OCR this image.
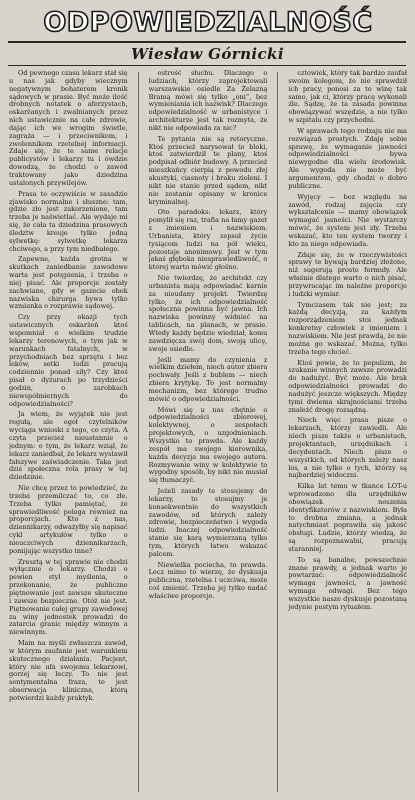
ODPOWIEDZIALNOŚĆ
Wiesław Górnicki

Od pewnego czasu lekarz stał się u nas jak gdyby wiecznym negatywnym bohaterem kronik sądowych w prasie. Być może ilość drobnych notatek o aferzystach, oskarżanych i zwalnianych przez nich ustawicznie na całe zdrowie, dając ich we wrogim świetle, zagraża — i przeciwnikom, i zwolennikom rzetelnej informacji. Zdaje się, że te same relacje publicystów i lekarzy tu i ówdzie dowodzą, że chodzi o zawód traktowany jako dziedzina ustalonych przywilejów.

Prasa to oczywiście w zasadzie zjawisko normalne i słuszne: tam, gdzie zło jest zakorzenione, tam trzeba je naświetlać. Ale wydaje mi się, że cała ta dziedzina prasowych śledztw kreuje tylko jedną sylwetkę: sylwetkę lekarza chciwego, a przy tym niedbałego.

Zapewne, każda grotna w skutkach zaniedbanie zawodowe warta jest potępienia, i trzeba o niej pisać. Ale proporcje zostały zachwiane, gdy w gazecie obok nazwiska chirurga bywa tylko wzmianka o rozprawie sądowej.

Czy przy okazji tych ustawicznych oskarżeń ktoś wspomniał o wielkim trudzie lekarzy terenowych, o tym jak w warunkach fatalnych, w przychodniach bez sprzętu i bez leków, setki ludzi pracują codziennie ponad siły? Czy ktoś pisał o dyżurach po trzydzieści godzin, o zarobkach niewspółmiernych do odpowiedzialności?

Ja wiem, że wyjątek nie jest regułą, ale ogół czytelników wyciąga wnioski z tego, co czyta. A czyta przecież nieustannie o jednym: o tym, że lekarz wziął, że lekarz zaniedbał, że lekarz wystawił fałszywe zaświadczenie. Taka jest dziś społeczna rola prasy w tej dziedzinie.

Nie chcę przez to powiedzieć, że trzeba przemilczać to, co złe. Trzeba tylko pamiętać, że sprawiedliwość polega również na proporcjach. Kto z nas, dziennikarzy, odważyłby się napisać cykl artykułów tylko o nieuczciwych dziennikarzach, pomijając wszystko inne?

Zresztą w tej sprawie nie chodzi wyłącznie o lekarzy. Chodzi o pewien styl myślenia, o przekonanie, że publiczne piętnowanie jest zawsze skuteczne i zawsze bezpieczne. Otóż nie jest. Piętnowanie całej grupy zawodowej za winy jednostek prowadzi do zatarcia granic między winnym a niewinnym.

Mam na myśli zwłaszcza zawód, w którym zaufanie jest warunkiem skutecznego działania. Pacjent, który nie ufa swojemu lekarzowi, gorzej się leczy. To nie jest sentymentalna fraza, to jest obserwacja kliniczna, którą potwierdzi każdy praktyk.

ostrość słuchu. Dlaczego o ludziach, którzy zaprojektowali warszawskie osiedle Za Żelazną Bramą mówi się tylko „oni”, bez wymieniania ich nazwisk? Dlaczego odpowiedzialność w urbanistyce i architekturze jest tak rozmyta, że nikt nie odpowiada za nic?

Te pytania nie są retoryczne. Ktoś przecież narysował te bloki, ktoś zatwierdził te plany, ktoś podpisał odbiór budowy. A przecież mieszkańcy cierpią z powodu złej akustyki, ciasnoty i braku zieleni. I nikt nie stanie przed sądem, nikt nie zostanie opisany w kronice kryminalnej.

Oto paradoks: lekarz, który pomylił się raz, trafia na łamy gazet z imieniem i nazwiskiem. Urbanista, który zepsuł życie tysiącom ludzi na pół wieku, pozostaje anonimowy. Jest w tym jakaś głęboka niesprawiedliwość, o której warto mówić głośno.

Nie twierdzę, że architekt czy urbanista mają odpowiadać karnie za nieudany projekt. Twierdzę tylko, że ich odpowiedzialność społeczna powinna być jawna. Ich nazwiska powinny widnieć na tablicach, na planach, w prasie. Wtedy każdy będzie wiedział, komu zawdzięcza swój dom, swoją ulicę, swoje osiedle.

Jeśli mamy do czynienia z wielkim dziełem, niech autor zbiera pochwały. Jeśli z bublem — niech zbiera krytykę. To jest normalny mechanizm, bez którego trudno mówić o odpowiedzialności.

Mówi się u nas chętnie o odpowiedzialności zbiorowej, kolektywnej, o zespołach projektowych, o uzgodnieniach. Wszystko to prawda. Ale każdy zespół ma swojego kierownika, każda decyzja ma swojego autora. Rozmywanie winy w kolektywie to wygodny sposób, by nikt nie musiał się tłumaczyć.

Jeżeli zasady te stosujemy do lekarzy, to stosujmy je konsekwentnie do wszystkich zawodów, od których zależy zdrowie, bezpieczeństwo i wygoda ludzi. Inaczej odpowiedzialność stanie się karą wymierzaną tylko tym, których łatwo wskazać palcem.

Niewielka pociecha, to prawda. Lecz mimo to wierzę, że dyskusja publiczna, rzetelna i uczciwa, może coś zmienić. Trzeba jej tylko nadać właściwe proporcje.

cztowiek, który tak bardzo zaufał swoim kolegom, że nie sprawdził ich pracy, ponosi za to winę tak samo, jak ci, którzy pracę wykonali źle. Sądzę, że ta zasada powinna obowiązywać wszędzie, a nie tylko w szpitalu czy przychodni.

W sprawach tego rodzaju nie ma rozwiązań prostych. Zdaję sobie sprawę, że wymaganie jawności odpowiedzialności bywa niewygodne dla wielu środowisk. Ale wygoda nie może być argumentem, gdy chodzi o dobro publiczne.

Wyjęcy — bez względu na zawód, rodzaj zajęcia czy wykształcenie — mamy obowiązek wymagać jasności. Nie wystarczy mówić, że system jest zły. Trzeba wskazać, kto ten system tworzy i kto za niego odpowiada.

Zdaje się, że w rzeczywistości sprawy te bywają bardziej złożone, niż sugerują proste formuły. Ale właśnie dlatego warto o nich pisać, przywracając im należne proporcje i ludzki wymiar.

Tymczasem tak nie jest; za każdą decyzją, za każdym rozporządzeniem stoi jednak konkretny człowiek z imieniem i nazwiskiem. Nie jest prawdą, że nie można go wskazać. Można, tylko trzeba tego chcieć.

Ktoś powie, że to populizm, że szukanie winnych zawsze prowadzi do nadużyć. Być może. Ale brak odpowiedzialności prowadzi do nadużyć jeszcze większych. Między tymi dwiema skrajnościami trzeba znaleźć drogę rozsądną.

Niech więc prasa pisze o lekarzach, którzy zawiedli. Ale niech pisze także o urbanistach, projektantach, urzędnikach i decydentach. Niech pisze o wszystkich, od których zależy nasz los, a nie tylko o tych, którzy są najbardziej widoczni.

Kilka lat temu w tkance LOT-u wprowadzono dla urzędników obowiązek noszenia identyfikatorów z nazwiskiem. Była to drobna zmiana, a jednak natychmiast poprawiła się jakość obsługi. Ludzie, którzy wiedzą, że są rozpoznawalni, pracują staranniej.

To są banalne, powszechnie znane prawdy, a jednak warto je powtarzać: odpowiedzialność wymaga jawności, a jawność wymaga odwagi. Bez tego wszystkie nasze dyskusje pozostaną jedynie pustym rytuałem.
